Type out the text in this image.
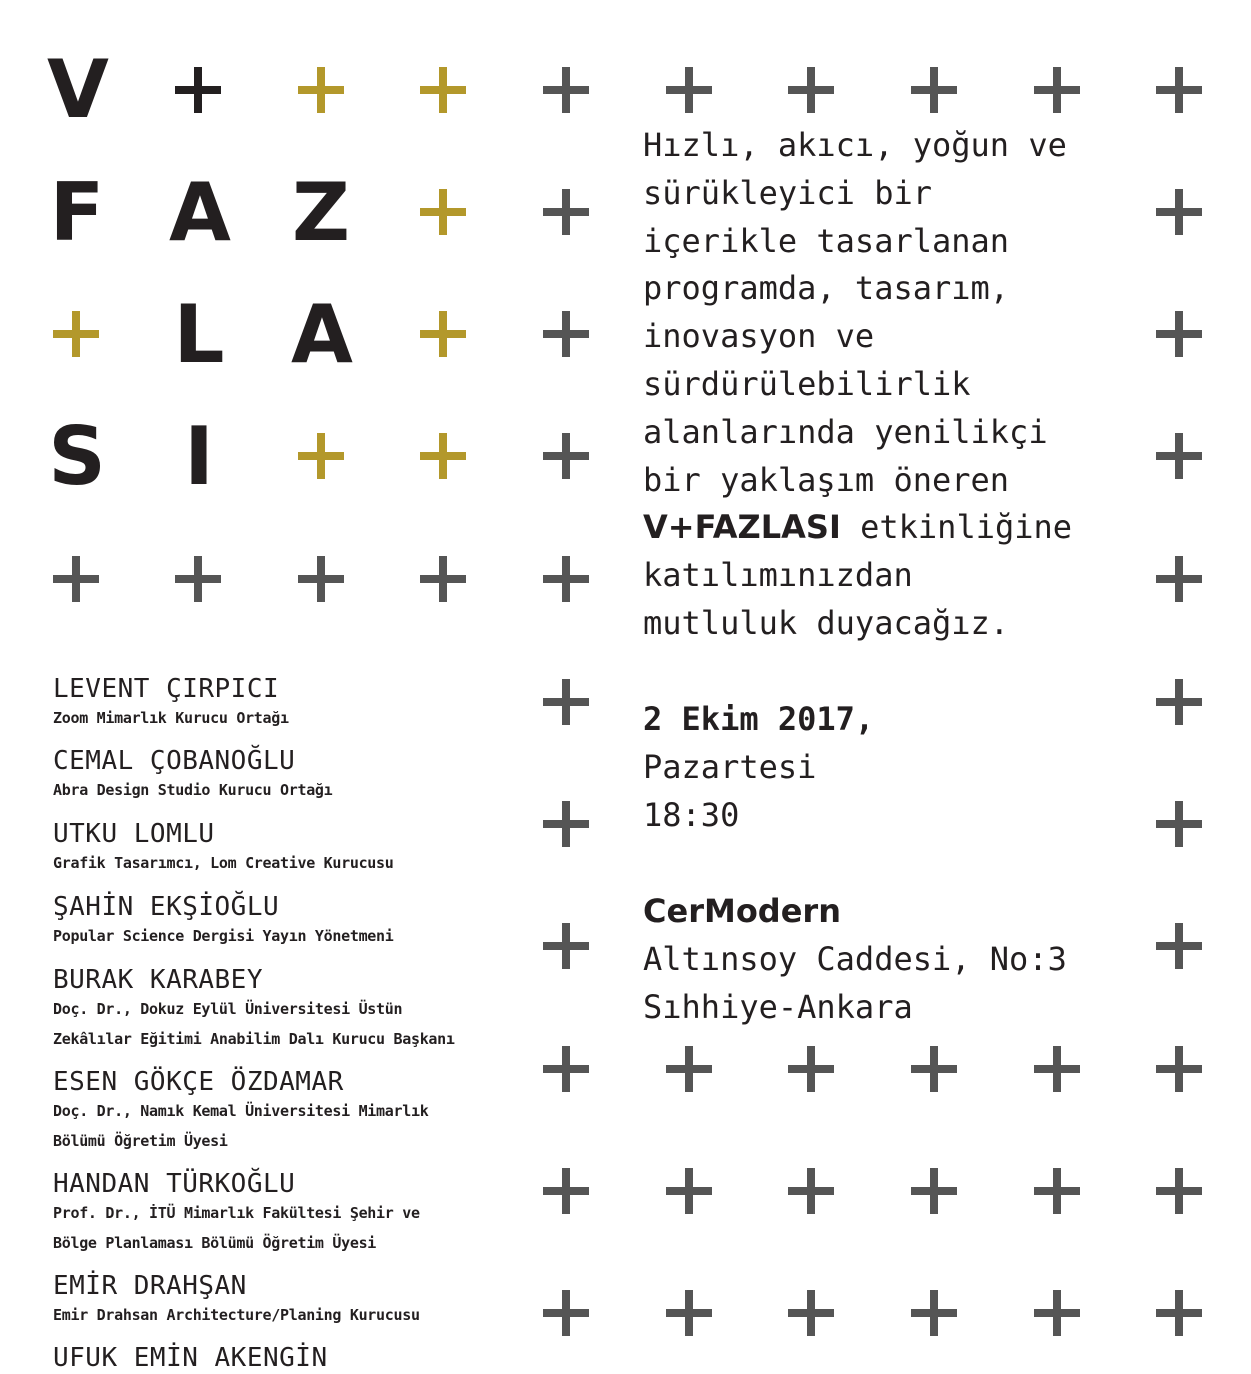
V
F A Z
L A
S I
Hızlı, akıcı, yoğun ve
sürükleyici bir
içerikle tasarlanan
programda, tasarım,
inovasyon ve
sürdürülebilirlik
alanlarında yenilikçi
bir yaklaşım öneren
V+FAZLASI etkinliğine
katılımınızdan
mutluluk duyacağız.
2 Ekim 2017,
Pazartesi
18:30
CerModern
Altınsoy Caddesi, No:3
Sıhhiye-Ankara
LEVENT ÇIRPICI
Zoom Mimarlık Kurucu Ortağı
CEMAL ÇOBANOĞLU
Abra Design Studio Kurucu Ortağı
UTKU LOMLU
Grafik Tasarımcı, Lom Creative Kurucusu
ŞAHİN EKŞİOĞLU
Popular Science Dergisi Yayın Yönetmeni
BURAK KARABEY
Doç. Dr., Dokuz Eylül Üniversitesi Üstün
Zekâlılar Eğitimi Anabilim Dalı Kurucu Başkanı
ESEN GÖKÇE ÖZDAMAR
Doç. Dr., Namık Kemal Üniversitesi Mimarlık
Bölümü Öğretim Üyesi
HANDAN TÜRKOĞLU
Prof. Dr., İTÜ Mimarlık Fakültesi Şehir ve
Bölge Planlaması Bölümü Öğretim Üyesi
EMİR DRAHŞAN
Emir Drahsan Architecture/Planing Kurucusu
UFUK EMİN AKENGİN
